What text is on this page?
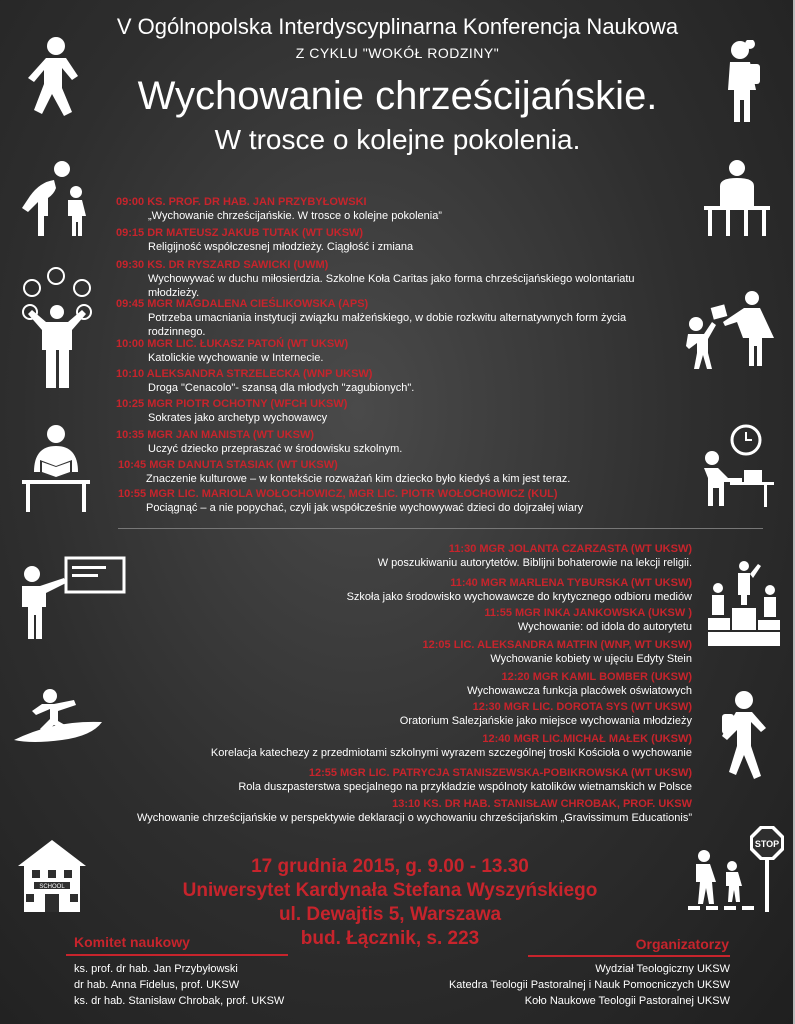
V Ogólnopolska Interdyscyplinarna Konferencja Naukowa
Z CYKLU "WOKÓŁ RODZINY"
Wychowanie chrześcijańskie.
W trosce o kolejne pokolenia.
09:00 KS. PROF. DR HAB. JAN PRZYBYŁOWSKI
„Wychowanie chrześcijańskie. W trosce o kolejne pokolenia”
09:15 DR MATEUSZ JAKUB TUTAK (WT UKSW)
Religijność współczesnej młodzieży. Ciągłość i zmiana
09:30 KS. DR RYSZARD SAWICKI (UWM)
Wychowywać w duchu miłosierdzia. Szkolne Koła Caritas jako forma chrześcijańskiego wolontariatu młodzieży.
09:45 MGR MAGDALENA CIEŚLIKOWSKA (APS)
Potrzeba umacniania instytucji związku małżeńskiego, w dobie rozkwitu alternatywnych form życia rodzinnego.
10:00 MGR LIC. ŁUKASZ PATOŃ (WT UKSW)
Katolickie wychowanie w Internecie.
10:10 ALEKSANDRA STRZELECKA (WNP UKSW)
Droga "Cenacolo"- szansą dla młodych "zagubionych".
10:25 MGR PIOTR OCHOTNY (WFCH UKSW)
Sokrates jako archetyp wychowawcy
10:35 MGR JAN MANISTA (WT UKSW)
Uczyć dziecko przepraszać w środowisku szkolnym.
10:45 MGR DANUTA STASIAK (WT UKSW)
Znaczenie kulturowe – w kontekście rozważań kim dziecko było kiedyś a kim jest teraz.
10:55 MGR LIC. MARIOLA WOŁOCHOWICZ, MGR LIC. PIOTR WOŁOCHOWICZ (KUL)
Pociągnąć – a nie popychać, czyli jak współcześnie wychowywać dzieci do dojrzałej wiary
11:30 MGR JOLANTA CZARZASTA (WT UKSW)
W poszukiwaniu autorytetów. Biblijni bohaterowie na lekcji religii.
11:40 MGR MARLENA TYBURSKA (WT UKSW)
Szkoła jako środowisko wychowawcze do krytycznego odbioru mediów
11:55 MGR INKA JANKOWSKA (UKSW )
Wychowanie: od idola do autorytetu
12:05 LIC. ALEKSANDRA MATFIN (WNP, WT UKSW)
Wychowanie kobiety w ujęciu Edyty Stein
12:20 MGR KAMIL BOMBER (UKSW)
Wychowawcza funkcja placówek oświatowych
12:30 MGR LIC. DOROTA SYS (WT UKSW)
Oratorium Salezjańskie jako miejsce wychowania młodzieży
12:40 MGR LIC.MICHAŁ MAŁEK (UKSW)
Korelacja katechezy z przedmiotami szkolnymi wyrazem szczególnej troski Kościoła o wychowanie
12:55 MGR LIC. PATRYCJA STANISZEWSKA-POBIKROWSKA (WT UKSW)
Rola duszpasterstwa specjalnego na przykładzie wspólnoty katolików wietnamskich w Polsce
13:10 KS. DR HAB. STANISŁAW CHROBAK, PROF. UKSW
Wychowanie chrześcijańskie w perspektywie deklaracji o wychowaniu chrześcijańskim „Gravissimum Educationis”
17 grudnia 2015, g. 9.00 - 13.30
Uniwersytet Kardynała Stefana Wyszyńskiego
ul. Dewajtis 5, Warszawa
bud. Łącznik, s. 223
Komitet naukowy
ks. prof. dr hab. Jan Przybyłowski
dr hab. Anna Fidelus, prof. UKSW
ks. dr hab. Stanisław Chrobak, prof. UKSW
Organizatorzy
Wydział Teologiczny UKSW
Katedra Teologii Pastoralnej i Nauk Pomocniczych UKSW
Koło Naukowe Teologii Pastoralnej UKSW
SCHOOL
STOP
